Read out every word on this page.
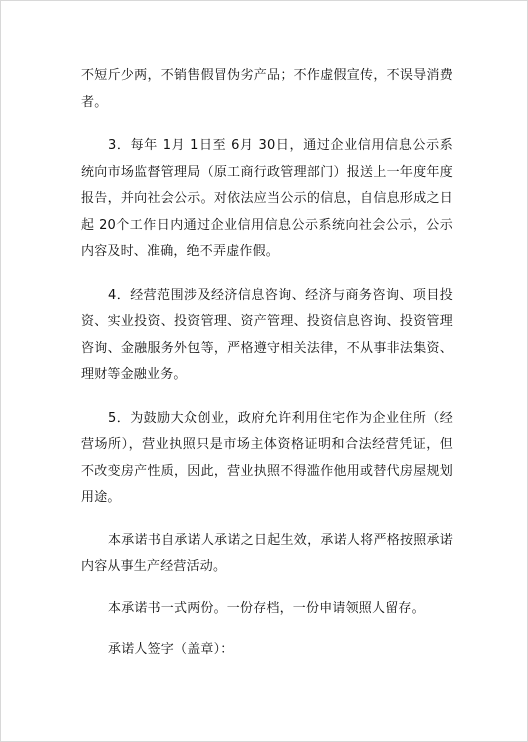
不短斤少两，不销售假冒伪劣产品；不作虚假宣传，不误导消费者。

3．每年 1月 1日至 6月 30日，通过企业信用信息公示系统向市场监督管理局（原工商行政管理部门）报送上一年度年度报告，并向社会公示。对依法应当公示的信息，自信息形成之日起 20个工作日内通过企业信用信息公示系统向社会公示，公示内容及时、准确，绝不弄虚作假。

4．经营范围涉及经济信息咨询、经济与商务咨询、项目投资、实业投资、投资管理、资产管理、投资信息咨询、投资管理咨询、金融服务外包等，严格遵守相关法律，不从事非法集资、理财等金融业务。

5．为鼓励大众创业，政府允许利用住宅作为企业住所（经营场所），营业执照只是市场主体资格证明和合法经营凭证，但不改变房产性质，因此，营业执照不得滥作他用或替代房屋规划用途。

本承诺书自承诺人承诺之日起生效，承诺人将严格按照承诺内容从事生产经营活动。

本承诺书一式两份。一份存档，一份申请领照人留存。

承诺人签字（盖章）：
